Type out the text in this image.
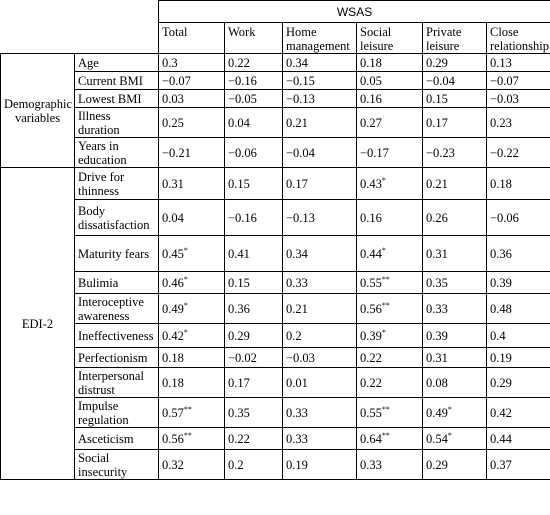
		WSAS					
		Total	Work	Home management	Social leisure	Private leisure	Close relationship
Demographic variables	Age	0.3	0.22	0.34	0.18	0.29	0.13
	Current BMI	−0.07	−0.16	−0.15	0.05	−0.04	−0.07
	Lowest BMI	0.03	−0.05	−0.13	0.16	0.15	−0.03
	Illness duration	0.25	0.04	0.21	0.27	0.17	0.23
	Years in education	−0.21	−0.06	−0.04	−0.17	−0.23	−0.22
EDI-2	Drive for thinness	0.31	0.15	0.17	0.43*	0.21	0.18
	Body dissatisfaction	0.04	−0.16	−0.13	0.16	0.26	−0.06
	Maturity fears	0.45*	0.41	0.34	0.44*	0.31	0.36
	Bulimia	0.46*	0.15	0.33	0.55**	0.35	0.39
	Interoceptive awareness	0.49*	0.36	0.21	0.56**	0.33	0.48
	Ineffectiveness	0.42*	0.29	0.2	0.39*	0.39	0.4
	Perfectionism	0.18	−0.02	−0.03	0.22	0.31	0.19
	Interpersonal distrust	0.18	0.17	0.01	0.22	0.08	0.29
	Impulse regulation	0.57**	0.35	0.33	0.55**	0.49*	0.42
	Asceticism	0.56**	0.22	0.33	0.64**	0.54*	0.44
	Social insecurity	0.32	0.2	0.19	0.33	0.29	0.37
